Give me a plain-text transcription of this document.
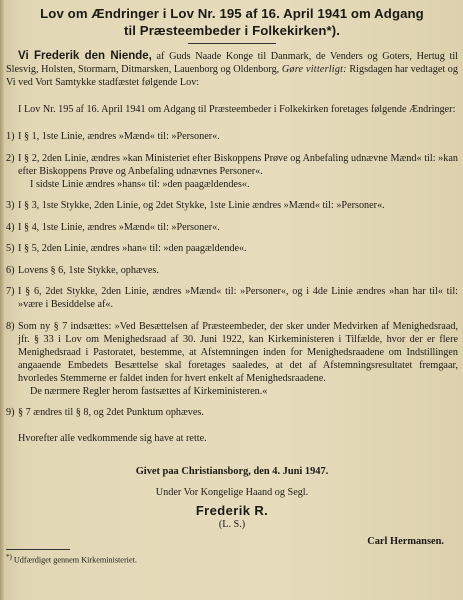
Lov om Ændringer i Lov Nr. 195 af 16. April 1941 om Adgang
til Præsteembeder i Folkekirken*).

Vi Frederik den Niende, af Guds Naade Konge til Danmark, de Venders og Goters, Hertug til Slesvig, Holsten, Stormarn, Ditmarsken, Lauenborg og Oldenborg, Gøre vitterligt: Rigsdagen har vedtaget og Vi ved Vort Samtykke stadfæstet følgende Lov:

I Lov Nr. 195 af 16. April 1941 om Adgang til Præsteembeder i Folkekirken foretages følgende Ændringer:

1) I § 1, 1ste Linie, ændres »Mænd« til: »Personer«.
2) I § 2, 2den Linie, ændres »kan Ministeriet efter Biskoppens Prøve og Anbefaling udnævne Mænd« til: »kan efter Biskoppens Prøve og Anbefaling udnævnes Personer«.
I sidste Linie ændres »hans« til: »den paagældendes«.
3) I § 3, 1ste Stykke, 2den Linie, og 2det Stykke, 1ste Linie ændres »Mænd« til: »Personer«.
4) I § 4, 1ste Linie, ændres »Mænd« til: »Personer«.
5) I § 5, 2den Linie, ændres »han« til: »den paagældende«.
6) Lovens § 6, 1ste Stykke, ophæves.
7) I § 6, 2det Stykke, 2den Linie, ændres »Mænd« til: »Personer«, og i 4de Linie ændres »han har til« til: »være i Besiddelse af«.
8) Som ny § 7 indsættes: »Ved Besættelsen af Præsteembeder, der sker under Medvirken af Menighedsraad, jfr. § 33 i Lov om Menighedsraad af 30. Juni 1922, kan Kirkeministeren i Tilfælde, hvor der er flere Menighedsraad i Pastoratet, bestemme, at Afstemningen inden for Menighedsraadene om Indstillingen angaaende Embedets Besættelse skal foretages saaledes, at det af Afstemningsresultatet fremgaar, hvorledes Stemmerne er faldet inden for hvert enkelt af Menighedsraadene.
De nærmere Regler herom fastsættes af Kirkeministeren.«
9) § 7 ændres til § 8, og 2det Punktum ophæves.

Hvorefter alle vedkommende sig have at rette.

Givet paa Christiansborg, den 4. Juni 1947.

Under Vor Kongelige Haand og Segl.

Frederik R.

(L. S.)

Carl Hermansen.

*) Udfærdiget gennem Kirkeministeriet.
